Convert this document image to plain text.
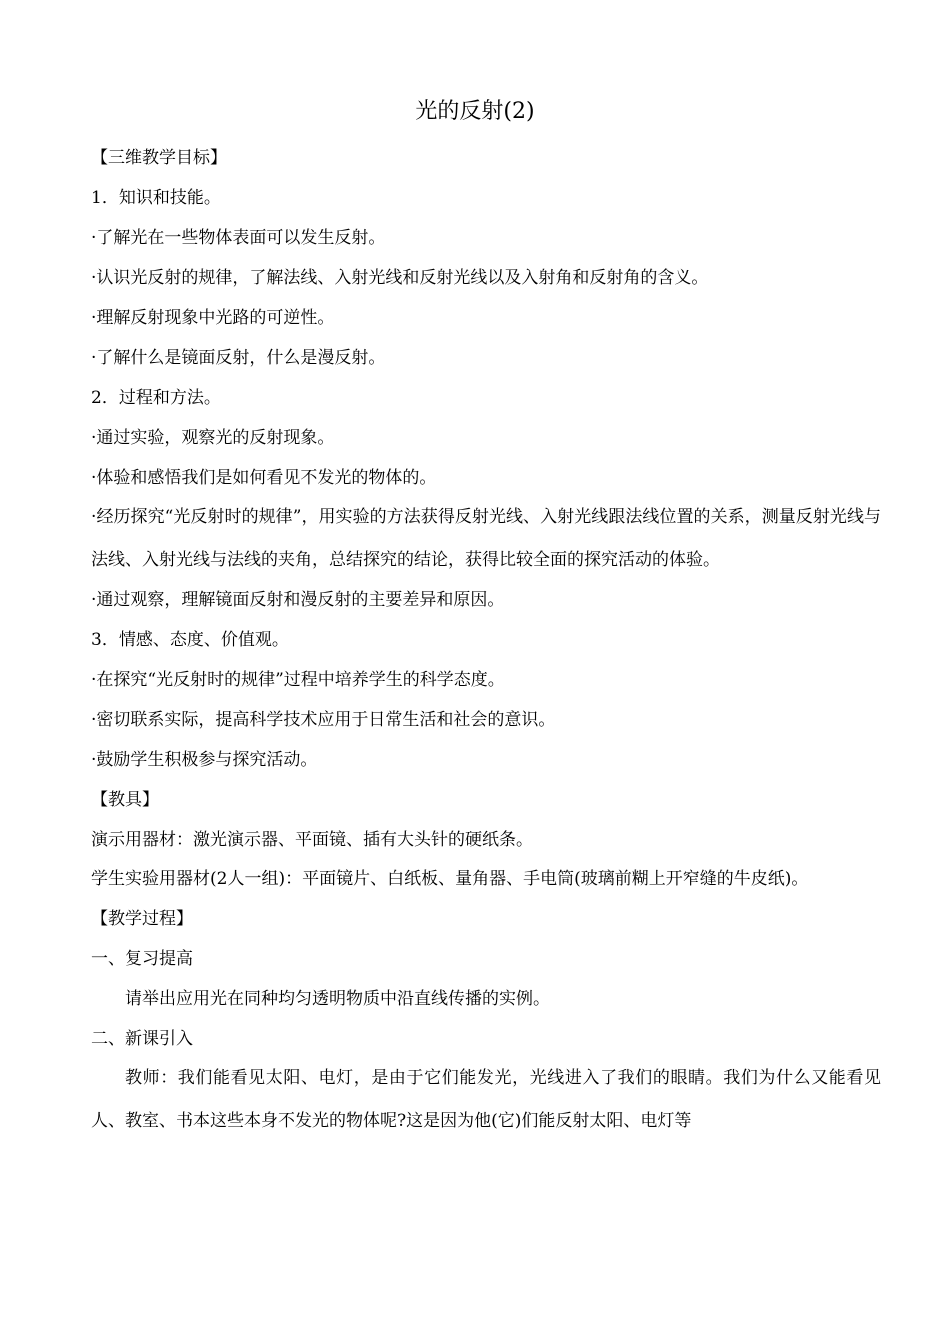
光的反射(2)

【三维教学目标】

1．知识和技能。

·了解光在一些物体表面可以发生反射。

·认识光反射的规律，了解法线、入射光线和反射光线以及入射角和反射角的含义。

·理解反射现象中光路的可逆性。

·了解什么是镜面反射，什么是漫反射。

2．过程和方法。

·通过实验，观察光的反射现象。

·体验和感悟我们是如何看见不发光的物体的。

·经历探究“光反射时的规律”，用实验的方法获得反射光线、入射光线跟法线位置的关系，测量反射光线与法线、入射光线与法线的夹角，总结探究的结论，获得比较全面的探究活动的体验。

·通过观察，理解镜面反射和漫反射的主要差异和原因。

3．情感、态度、价值观。

·在探究“光反射时的规律”过程中培养学生的科学态度。

·密切联系实际，提高科学技术应用于日常生活和社会的意识。

·鼓励学生积极参与探究活动。

【教具】

演示用器材：激光演示器、平面镜、插有大头针的硬纸条。

学生实验用器材(2人一组)：平面镜片、白纸板、量角器、手电筒(玻璃前糊上开窄缝的牛皮纸)。

【教学过程】

一、复习提高

请举出应用光在同种均匀透明物质中沿直线传播的实例。

二、新课引入

教师：我们能看见太阳、电灯，是由于它们能发光，光线进入了我们的眼睛。我们为什么又能看见人、教室、书本这些本身不发光的物体呢?这是因为他(它)们能反射太阳、电灯等
